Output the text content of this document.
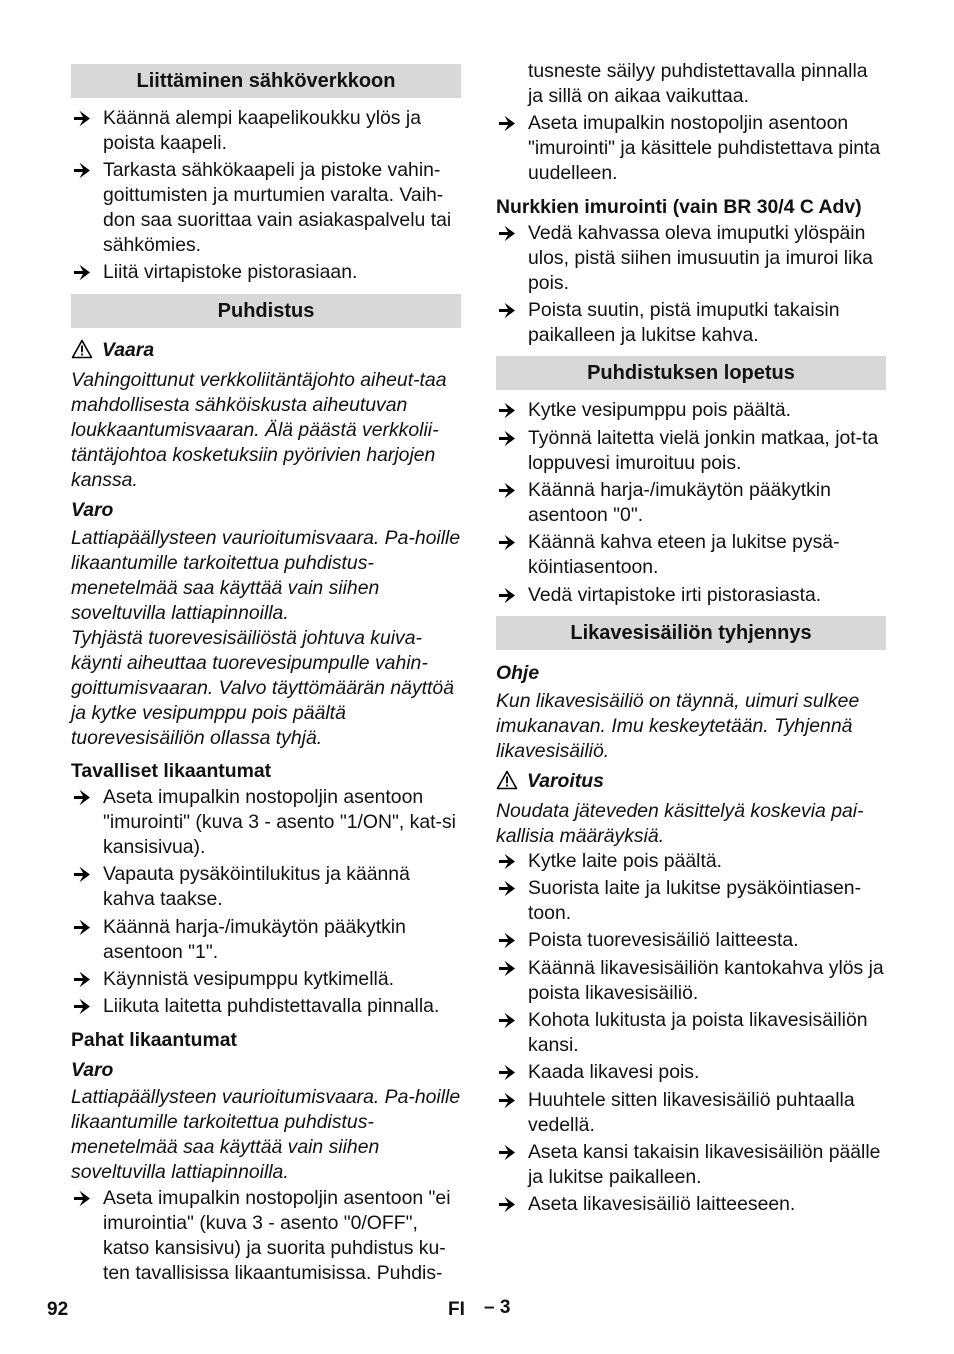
Liittäminen sähköverkkoon
Käännä alempi kaapelikoukku ylös ja poista kaapeli.
Tarkasta sähkökaapeli ja pistoke vahin-goittumisten ja murtumien varalta. Vaih-don saa suorittaa vain asiakaspalvelu tai sähkömies.
Liitä virtapistoke pistorasiaan.
Puhdistus
Vaara
Vahingoittunut verkkoliitäntäjohto aiheut-taa mahdollisesta sähköiskusta aiheutuvan loukkaantumisvaaran. Älä päästä verkkolii-täntäjohtoa kosketuksiin pyörivien harjojen kanssa.
Varo
Lattiapäällysteen vaurioitumisvaara. Pa-hoille likaantumille tarkoitettua puhdistus-menetelmää saa käyttää vain siihen soveltuvilla lattiapinnoilla.
Tyhjästä tuorevesisäiliöstä johtuva kuiva-käynti aiheuttaa tuorevesipumpulle vahin-goittumisvaaran. Valvo täyttömäärän näyttöä ja kytke vesipumppu pois päältä tuorevesisäiliön ollassa tyhjä.
Tavalliset likaantumat
Aseta imupalkin nostopoljin asentoon "imurointi" (kuva 3 - asento "1/ON", kat-si kansisivua).
Vapauta pysäköintilukitus ja käännä kahva taakse.
Käännä harja-/imukäytön pääkytkin asentoon "1".
Käynnistä vesipumppu kytkimellä.
Liikuta laitetta puhdistettavalla pinnalla.
Pahat likaantumat
Varo
Lattiapäällysteen vaurioitumisvaara. Pa-hoille likaantumille tarkoitettua puhdistus-menetelmää saa käyttää vain siihen soveltuvilla lattiapinnoilla.
Aseta imupalkin nostopoljin asentoon "ei imurointia" (kuva 3 - asento "0/OFF", katso kansisivu) ja suorita puhdistus ku-ten tavallisissa likaantumisissa. Puhdis-
tusneste säilyy puhdistettavalla pinnalla ja sillä on aikaa vaikuttaa.
Aseta imupalkin nostopoljin asentoon "imurointi" ja käsittele puhdistettava pinta uudelleen.
Nurkkien imurointi (vain BR 30/4 C Adv)
Vedä kahvassa oleva imuputki ylöspäin ulos, pistä siihen imusuutin ja imuroi lika pois.
Poista suutin, pistä imuputki takaisin paikalleen ja lukitse kahva.
Puhdistuksen lopetus
Kytke vesipumppu pois päältä.
Työnnä laitetta vielä jonkin matkaa, jot-ta loppuvesi imuroituu pois.
Käännä harja-/imukäytön pääkytkin asentoon "0".
Käännä kahva eteen ja lukitse pysä-köintiasentoon.
Vedä virtapistoke irti pistorasiasta.
Likavesisäiliön tyhjennys
Ohje
Kun likavesisäiliö on täynnä, uimuri sulkee imukanavan. Imu keskeytetään. Tyhjennä likavesisäiliö.
Varoitus
Noudata jäteveden käsittelyä koskevia pai-kallisia määräyksiä.
Kytke laite pois päältä.
Suorista laite ja lukitse pysäköintiasen-toon.
Poista tuorevesisäiliö laitteesta.
Käännä likavesisäiliön kantokahva ylös ja poista likavesisäiliö.
Kohota lukitusta ja poista likavesisäiliön kansi.
Kaada likavesi pois.
Huuhtele sitten likavesisäiliö puhtaalla vedellä.
Aseta kansi takaisin likavesisäiliön päälle ja lukitse paikalleen.
Aseta likavesisäiliö laitteeseen.
92	FI – 3
